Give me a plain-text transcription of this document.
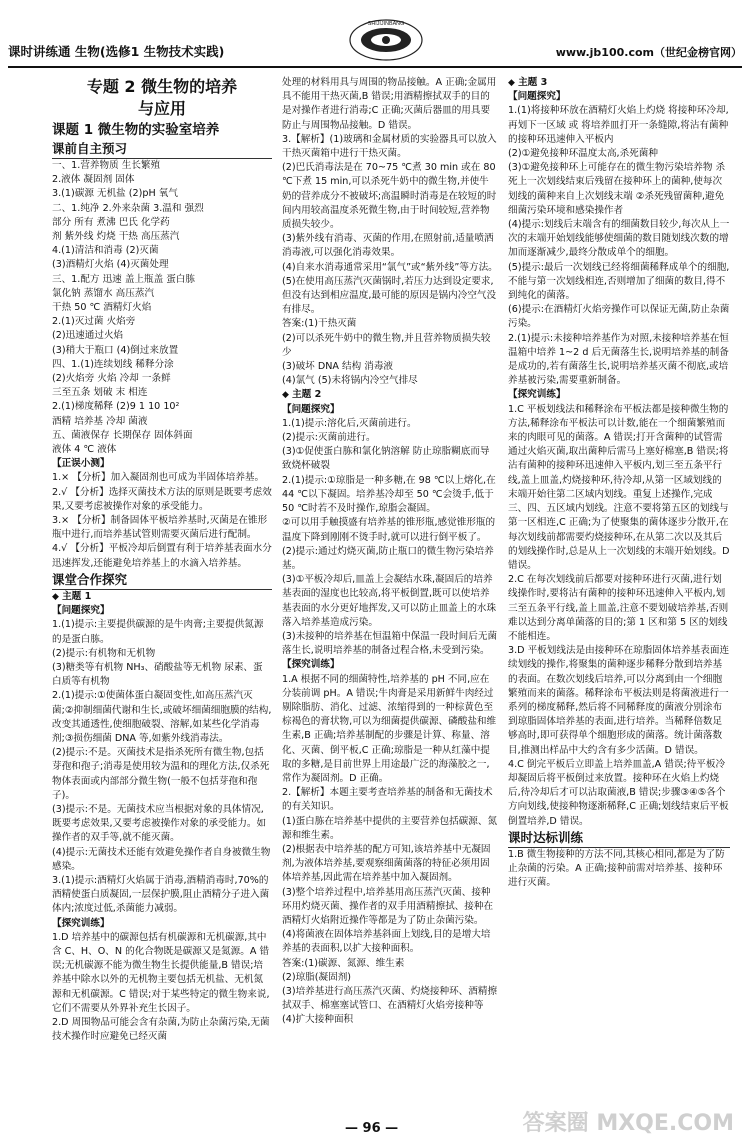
课时讲练通 生物(选修1 生物技术实践)
SHIJIJINBANG
www.jb100.com（世纪金榜官网）

专题 2 微生物的培养

与应用

课题 1 微生物的实验室培养

课前自主预习

一、1.营养物质 生长繁殖

2.液体 凝固剂 固体

3.(1)碳源 无机盐 (2)pH 氧气

二、1.纯净 2.外来杂菌 3.温和 强烈

部分 所有 煮沸 巴氏 化学药

剂 紫外线 灼烧 干热 高压蒸汽

4.(1)清洁和消毒 (2)灭菌

(3)酒精灯火焰 (4)灭菌处理

三、1.配方 迅速 盖上瓶盖 蛋白胨

氯化钠 蒸馏水 高压蒸汽

干热 50 ℃ 酒精灯火焰

2.(1)灭过菌 火焰旁

(2)迅速通过火焰

(3)稍大于瓶口 (4)倒过来放置

四、1.(1)连续划线 稀释分涂

(2)火焰旁 火焰 冷却 一条鲜

三至五条 划破 末 相连

2.(1)梯度稀释 (2)9 1 10 10²

酒精 培养基 冷却 菌液

五、菌液保存 长期保存 固体斜面

液体 4 ℃ 液体

【正误小测】

1.× 【分析】加入凝固剂也可成为半固体培养基。

2.√ 【分析】选择灭菌技术方法的原则是既要考虑效果,又要考虑被操作对象的承受能力。

3.× 【分析】制备固体平板培养基时,灭菌是在锥形瓶中进行,而培养基试管则需要灭菌后进行配制。

4.√ 【分析】平板冷却后倒置有利于培养基表面水分迅速挥发,还能避免培养基上的水滴入培养基。

课堂合作探究

◆ 主题 1

【问题探究】

1.(1)提示:主要提供碳源的是牛肉膏;主要提供氮源的是蛋白胨。

(2)提示:有机物和无机物

(3)糖类等有机物 NH₃、硝酸盐等无机物 尿素、蛋白质等有机物

2.(1)提示:①使菌体蛋白凝固变性,如高压蒸汽灭菌;②抑制细菌代谢和生长,或破坏细菌细胞膜的结构,改变其通透性,使细胞破裂、溶解,如某些化学消毒剂;③损伤细菌 DNA 等,如紫外线消毒法。

(2)提示:不是。灭菌技术是指杀死所有微生物,包括芽孢和孢子;消毒是使用较为温和的理化方法,仅杀死物体表面或内部部分微生物(一般不包括芽孢和孢子)。

(3)提示:不是。无菌技术应当根据对象的具体情况,既要考虑效果,又要考虑被操作对象的承受能力。如操作者的双手等,就不能灭菌。

(4)提示:无菌技术还能有效避免操作者自身被微生物感染。

3.(1)提示:酒精灯火焰属于消毒,酒精消毒时,70%的酒精使蛋白质凝固,一层保护膜,阻止酒精分子进入菌体内;浓度过低,杀菌能力减弱。

【探究训练】

1.D 培养基中的碳源包括有机碳源和无机碳源,其中含 C、H、O、N 的化合物既是碳源又是氮源。A 错误;无机碳源不能为微生物生长提供能量,B 错误;培养基中除水以外的无机物主要包括无机盐、无机氮源和无机碳源。C 错误;对于某些特定的微生物来说,它们不需要从外界补充生长因子。

2.D 周围物品可能会含有杂菌,为防止杂菌污染,无菌技术操作时应避免已经灭菌

处理的材料用具与周围的物品接触。A 正确;金属用具不能用干热灭菌,B 错误;用酒精擦拭双手的目的是对操作者进行消毒;C 正确;灭菌后器皿的用具要防止与周围物品接触。D 错误。

3.【解析】(1)玻璃和金属材质的实验器具可以放入干热灭菌箱中进行干热灭菌。

(2)巴氏消毒法是在 70~75 ℃煮 30 min 或在 80 ℃下煮 15 min,可以杀死牛奶中的微生物,并使牛奶的营养成分不被破坏;高温瞬时消毒是在较短的时间内用较高温度杀死微生物,由于时间较短,营养物质损失较少。

(3)紫外线有消毒、灭菌的作用,在照射前,适量喷洒消毒液,可以强化消毒效果。

(4)自来水消毒通常采用“氯气”或“紫外线”等方法。

(5)在使用高压蒸汽灭菌锅时,若压力达到设定要求,但没有达到相应温度,最可能的原因是锅内冷空气没有排尽。

答案:(1)干热灭菌

(2)可以杀死牛奶中的微生物,并且营养物质损失较少

(3)破坏 DNA 结构 消毒液

(4)氯气 (5)未将锅内冷空气排尽

◆ 主题 2

【问题探究】

1.(1)提示:溶化后,灭菌前进行。

(2)提示:灭菌前进行。

(3)①促使蛋白胨和氯化钠溶解 防止琼脂糊底而导致烧杯破裂

2.(1)提示:①琼脂是一种多糖,在 98 ℃以上熔化,在 44 ℃以下凝固。培养基冷却至 50 ℃会烫手,低于 50 ℃时若不及时操作,琼脂会凝固。

②可以用手触摸盛有培养基的锥形瓶,感觉锥形瓶的温度下降到刚刚不烫手时,就可以进行倒平板了。

(2)提示:通过灼烧灭菌,防止瓶口的微生物污染培养基。

(3)①平板冷却后,皿盖上会凝结水珠,凝固后的培养基表面的湿度也比较高,将平板倒置,既可以使培养基表面的水分更好地挥发,又可以防止皿盖上的水珠落入培养基造成污染。

(3)未接种的培养基在恒温箱中保温一段时间后无菌落生长,说明培养基的制备过程合格,未受到污染。

【探究训练】

1.A 根据不同的细菌特性,培养基的 pH 不同,应在分装前调 pH。A 错误;牛肉膏是采用新鲜牛肉经过剔除脂肪、消化、过滤、浓缩得到的一种棕黄色至棕褐色的膏状物,可以为细菌提供碳源、磷酸盐和维生素,B 正确;培养基制配的步骤是计算、称量、溶化、灭菌、倒平板,C 正确;琼脂是一种从红藻中提取的多糖,是目前世界上用途最广泛的海藻胶之一,常作为凝固剂。D 正确。

2.【解析】本题主要考查培养基的制备和无菌技术的有关知识。

(1)蛋白胨在培养基中提供的主要营养包括碳源、氮源和维生素。

(2)根据表中培养基的配方可知,该培养基中无凝固剂,为液体培养基,要观察细菌菌落的特征必须用固体培养基,因此需在培养基中加入凝固剂。

(3)整个培养过程中,培养基用高压蒸汽灭菌、接种环用灼烧灭菌、操作者的双手用酒精擦拭、接种在酒精灯火焰附近操作等都是为了防止杂菌污染。

(4)将菌液在固体培养基斜面上划线,目的是增大培养基的表面积,以扩大接种面积。

答案:(1)碳源、氮源、维生素

(2)琼脂(凝固剂)

(3)培养基进行高压蒸汽灭菌、灼烧接种环、酒精擦拭双手、棉塞塞试管口、在酒精灯火焰旁接种等

(4)扩大接种面积

◆ 主题 3

【问题探究】

1.(1)将接种环放在酒精灯火焰上灼烧 将接种环冷却,再划下一区域 或 将培养皿打开一条缝隙,将沾有菌种的接种环迅速伸入平板内

(2)①避免接种环温度太高,杀死菌种

(3)①避免接种环上可能存在的微生物污染培养物 杀死上一次划线结束后残留在接种环上的菌种,使每次划线的菌种来自上次划线末端 ②杀死残留菌种,避免细菌污染环境和感染操作者

(4)提示:划线后末端含有的细菌数目较少,每次从上一次的末端开始划线能够使细菌的数目随划线次数的增加而逐渐减少,最终分散成单个的细胞。

(5)提示:最后一次划线已经将细菌稀释成单个的细胞,不能与第一次划线相连,否则增加了细菌的数目,得不到纯化的菌落。

(6)提示:在酒精灯火焰旁操作可以保证无菌,防止杂菌污染。

2.(1)提示:未接种培养基作为对照,未接种培养基在恒温箱中培养 1~2 d 后无菌落生长,说明培养基的制备是成功的,若有菌落生长,说明培养基灭菌不彻底,或培养基被污染,需要重新制备。

【探究训练】

1.C 平板划线法和稀释涂布平板法都是接种微生物的方法,稀释涂布平板法可以计数,能在一个细菌繁殖而来的肉眼可见的菌落。A 错误;打开含菌种的试管需通过火焰灭菌,取出菌种后需马上塞好棉塞,B 错误;将沾有菌种的接种环迅速伸入平板内,划三至五条平行线,盖上皿盖,灼烧接种环,待冷却,从第一区域划线的末端开始往第二区域内划线。重复上述操作,完成三、四、五区域内划线。注意不要将第五区的划线与第一区相连,C 正确;为了使聚集的菌体逐步分散开,在每次划线前都需要灼烧接种环,在从第二次以及其后的划线操作时,总是从上一次划线的末端开始划线。D 错误。

2.C 在每次划线前后都要对接种环进行灭菌,进行划线操作时,要将沾有菌种的接种环迅速伸入平板内,划三至五条平行线,盖上皿盖,注意不要划破培养基,否则难以达到分离单菌落的目的;第 1 区和第 5 区的划线不能相连。

3.D 平板划线法是由接种环在琼脂固体培养基表面连续划线的操作,将聚集的菌种逐步稀释分散到培养基的表面。在数次划线后培养,可以分离到由一个细胞繁殖而来的菌落。稀释涂布平板法则是将菌液进行一系列的梯度稀释,然后将不同稀释度的菌液分别涂布到琼脂固体培养基的表面,进行培养。当稀释倍数足够高时,即可获得单个细胞形成的菌落。统计菌落数目,推测出样品中大约含有多少活菌。D 错误。

4.C 倒完平板后立即盖上培养皿盖,A 错误;待平板冷却凝固后将平板倒过来放置。接种环在火焰上灼烧后,待冷却后才可以沾取菌液,B 错误;步骤③④⑤各个方向划线,使接种物逐渐稀释,C 正确;划线结束后平板倒置培养,D 错误。

课时达标训练

1.B 微生物接种的方法不同,其核心相同,都是为了防止杂菌的污染。A 正确;接种前需对培养基、接种环进行灭菌。

— 96 —	答案圈 MXQE.COM
